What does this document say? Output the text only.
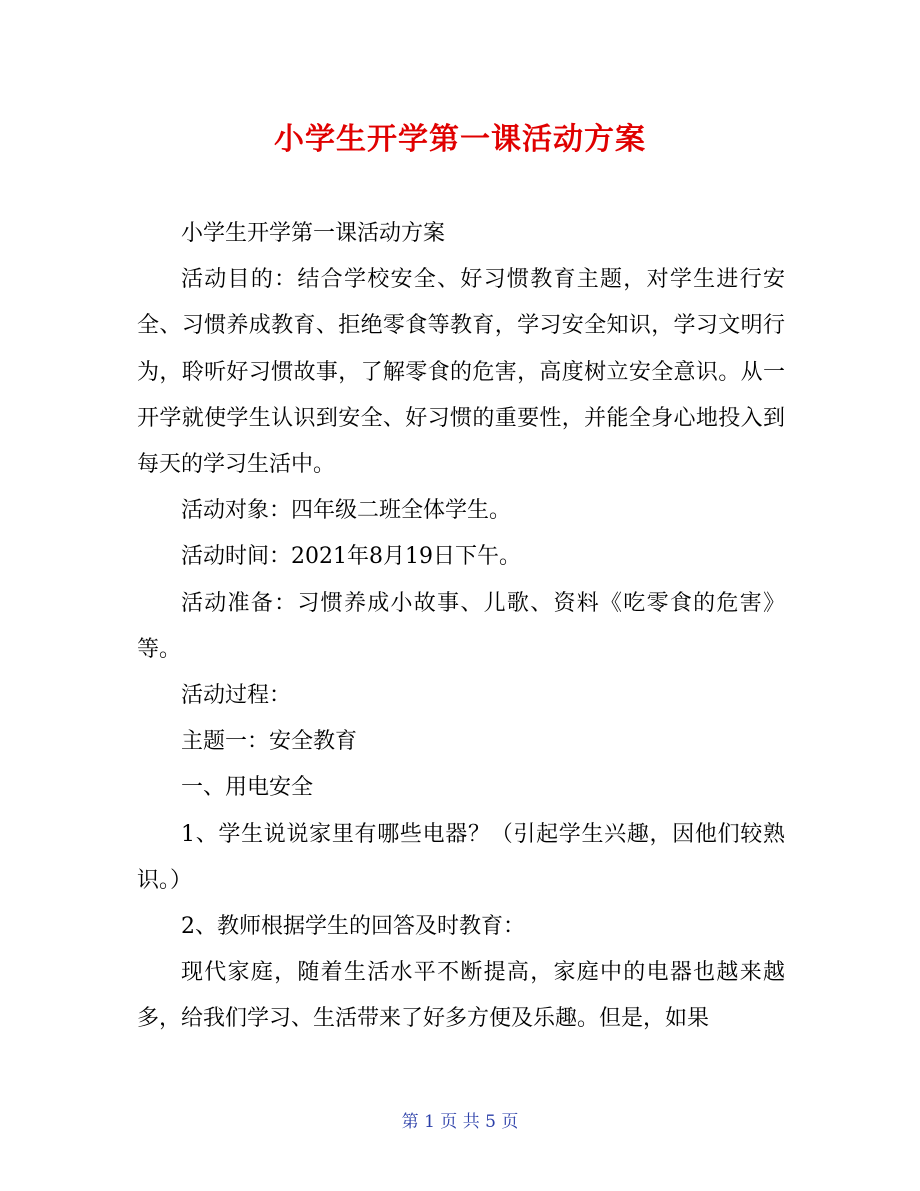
小学生开学第一课活动方案

小学生开学第一课活动方案

活动目的：结合学校安全、好习惯教育主题，对学生进行安全、习惯养成教育、拒绝零食等教育，学习安全知识，学习文明行为，聆听好习惯故事，了解零食的危害，高度树立安全意识。从一开学就使学生认识到安全、好习惯的重要性，并能全身心地投入到每天的学习生活中。

活动对象：四年级二班全体学生。

活动时间：2021年8月19日下午。

活动准备：习惯养成小故事、儿歌、资料《吃零食的危害》等。

活动过程：

主题一：安全教育

一、用电安全

1、学生说说家里有哪些电器？（引起学生兴趣，因他们较熟识。）

2、教师根据学生的回答及时教育：

现代家庭，随着生活水平不断提高，家庭中的电器也越来越多，给我们学习、生活带来了好多方便及乐趣。但是，如果

第 1 页 共 5 页
